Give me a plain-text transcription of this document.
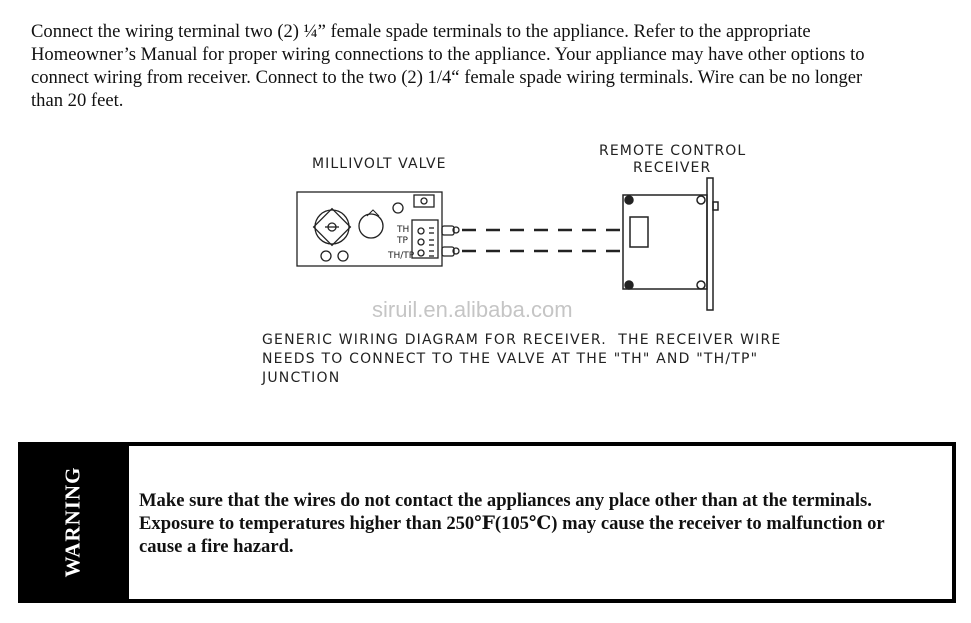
Connect the wiring terminal two (2) ¼” female spade terminals to the appliance. Refer to the appropriate
Homeowner’s Manual for proper wiring connections to the appliance. Your appliance may have other options to
connect wiring from receiver. Connect to the two (2) 1/4“ female spade wiring terminals. Wire can be no longer
than 20 feet.
MILLIVOLT VALVE
REMOTE CONTROL
RECEIVER
TH
TP
TH/TP
siruil.en.alibaba.com
GENERIC WIRING DIAGRAM FOR RECEIVER.  THE RECEIVER WIRE
NEEDS TO CONNECT TO THE VALVE AT THE "TH" AND "TH/TP"
JUNCTION
WARNING	Make sure that the wires do not contact the appliances any place other than at the terminals.
Exposure to temperatures higher than 250℉(105℃) may cause the receiver to malfunction or
cause a fire hazard.
